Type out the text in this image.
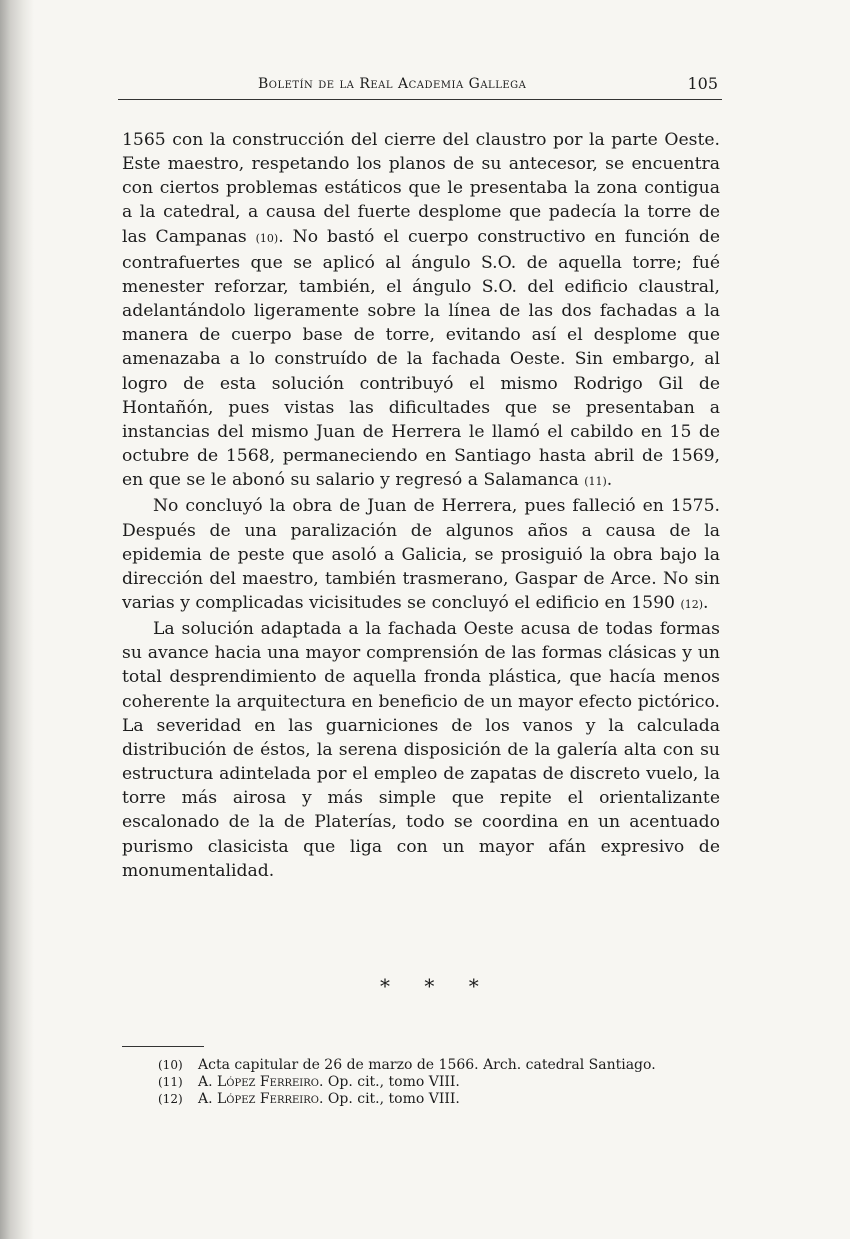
Boletín de la Real Academia Gallega	105

1565 con la construcción del cierre del claustro por la parte Oeste. Este maestro, respetando los planos de su antecesor, se encuentra con ciertos problemas estáticos que le presentaba la zona contigua a la catedral, a causa del fuerte desplome que padecía la torre de las Campanas (10). No bastó el cuerpo constructivo en función de contrafuertes que se aplicó al ángulo S.O. de aquella torre; fué menester reforzar, también, el ángulo S.O. del edificio claustral, adelantándolo ligeramente sobre la línea de las dos fachadas a la manera de cuerpo base de torre, evitando así el desplome que amenazaba a lo construído de la fachada Oeste. Sin embargo, al logro de esta solución contribuyó el mismo Rodrigo Gil de Hontañón, pues vistas las dificultades que se presentaban a instancias del mismo Juan de Herrera le llamó el cabildo en 15 de octubre de 1568, permaneciendo en Santiago hasta abril de 1569, en que se le abonó su salario y regresó a Salamanca (11).

No concluyó la obra de Juan de Herrera, pues falleció en 1575. Después de una paralización de algunos años a causa de la epidemia de peste que asoló a Galicia, se prosiguió la obra bajo la dirección del maestro, también trasmerano, Gaspar de Arce. No sin varias y complicadas vicisitudes se concluyó el edificio en 1590 (12).

La solución adaptada a la fachada Oeste acusa de todas formas su avance hacia una mayor comprensión de las formas clásicas y un total desprendimiento de aquella fronda plástica, que hacía menos coherente la arquitectura en beneficio de un mayor efecto pictórico. La severidad en las guarniciones de los vanos y la calculada distribución de éstos, la serena disposición de la galería alta con su estructura adintelada por el empleo de zapatas de discreto vuelo, la torre más airosa y más simple que repite el orientalizante escalonado de la de Platerías, todo se coordina en un acentuado purismo clasicista que liga con un mayor afán expresivo de monumentalidad.

* * *
(10) Acta capitular de 26 de marzo de 1566. Arch. catedral Santiago.
(11) A. López Ferreiro. Op. cit., tomo VIII.
(12) A. López Ferreiro. Op. cit., tomo VIII.
